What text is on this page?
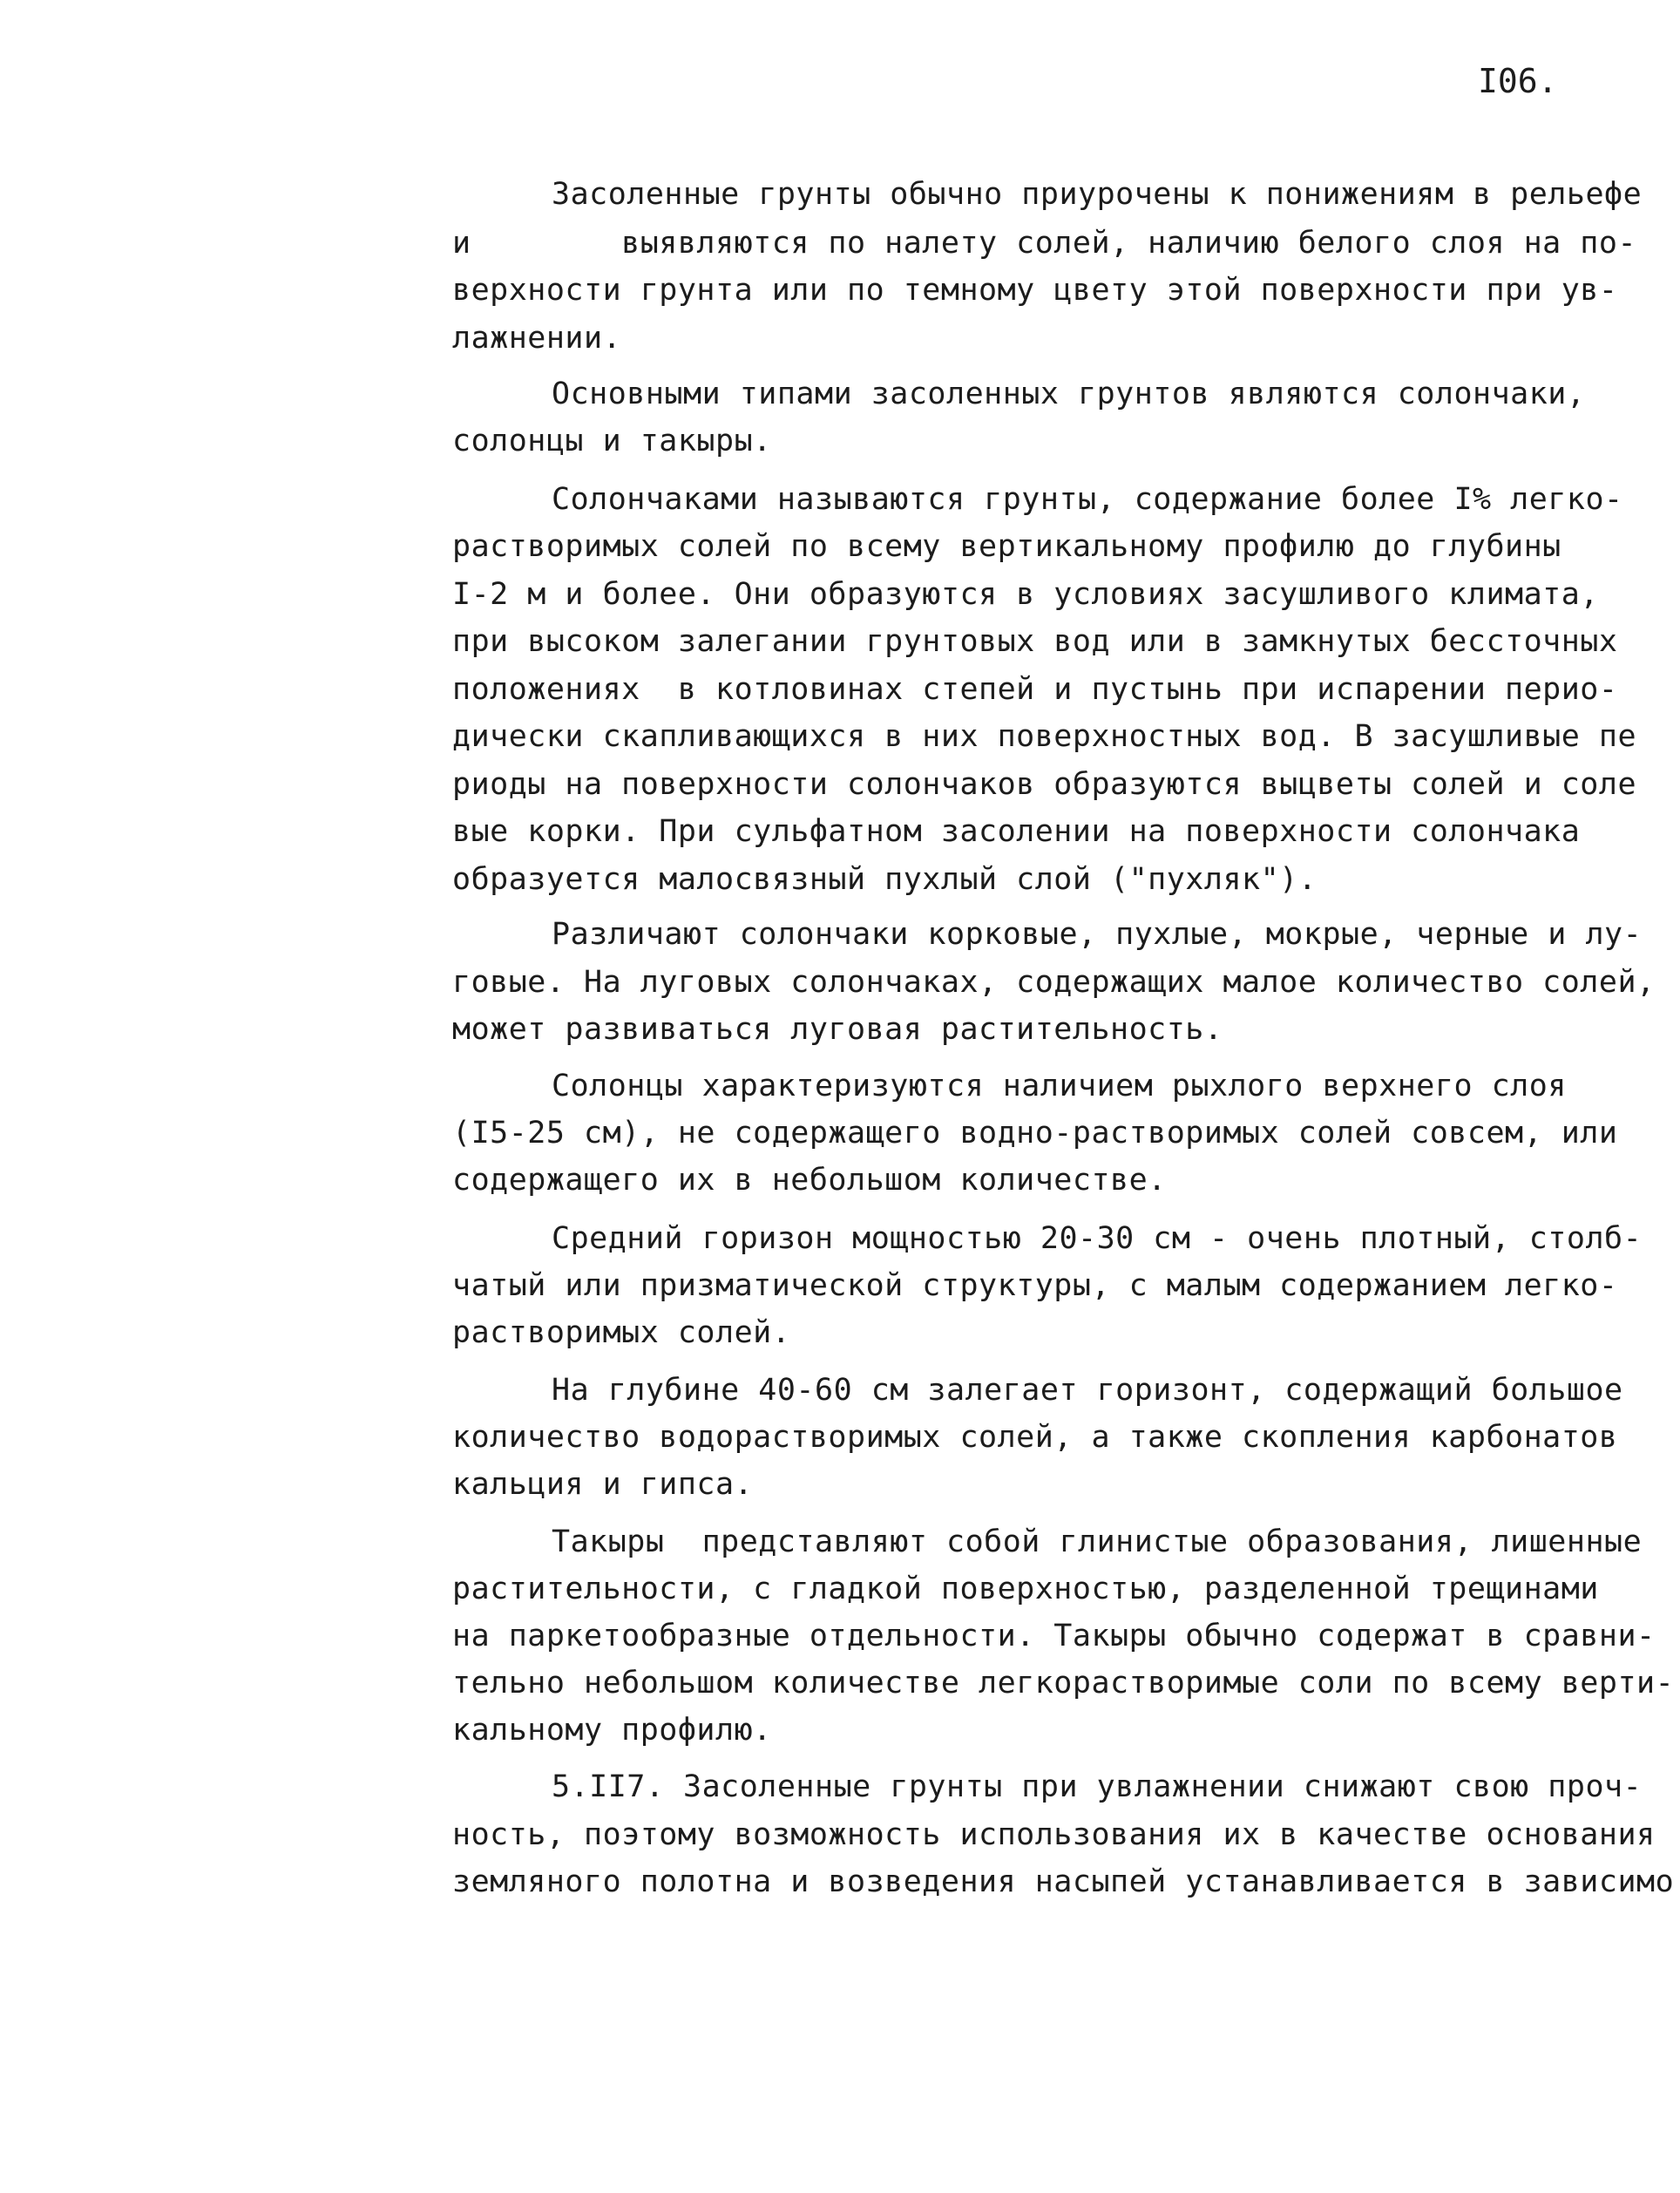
I06.
Засоленные грунты обычно приурочены к понижениям в рельефе
и        выявляются по налету солей, наличию белого слоя на по-
верхности грунта или по темному цвету этой поверхности при ув-
лажнении.
Основными типами засоленных грунтов являются солончаки,
солонцы и такыры.
Солончаками называются грунты, содержание более I% легко-
растворимых солей по всему вертикальному профилю до глубины
I-2 м и более. Они образуются в условиях засушливого климата,
при высоком залегании грунтовых вод или в замкнутых бессточных
положениях  в котловинах степей и пустынь при испарении перио-
дически скапливающихся в них поверхностных вод. В засушливые пе
риоды на поверхности солончаков образуются выцветы солей и соле
вые корки. При сульфатном засолении на поверхности солончака
образуется малосвязный пухлый слой ("пухляк").
Различают солончаки корковые, пухлые, мокрые, черные и лу-
говые. На луговых солончаках, содержащих малое количество солей,
может развиваться луговая растительность.
Солонцы характеризуются наличием рыхлого верхнего слоя
(I5-25 см), не содержащего водно-растворимых солей совсем, или
содержащего их в небольшом количестве.
Средний горизон мощностью 20-30 см - очень плотный, столб-
чатый или призматической структуры, с малым содержанием легко-
растворимых солей.
На глубине 40-60 см залегает горизонт, содержащий большое
количество водорастворимых солей, а также скопления карбонатов
кальция и гипса.
Такыры  представляют собой глинистые образования, лишенные
растительности, с гладкой поверхностью, разделенной трещинами
на паркетообразные отдельности. Такыры обычно содержат в сравни-
тельно небольшом количестве легкорастворимые соли по всему верти-
кальному профилю.
5.II7. Засоленные грунты при увлажнении снижают свою проч-
ность, поэтому возможность использования их в качестве основания
земляного полотна и возведения насыпей устанавливается в зависимо
